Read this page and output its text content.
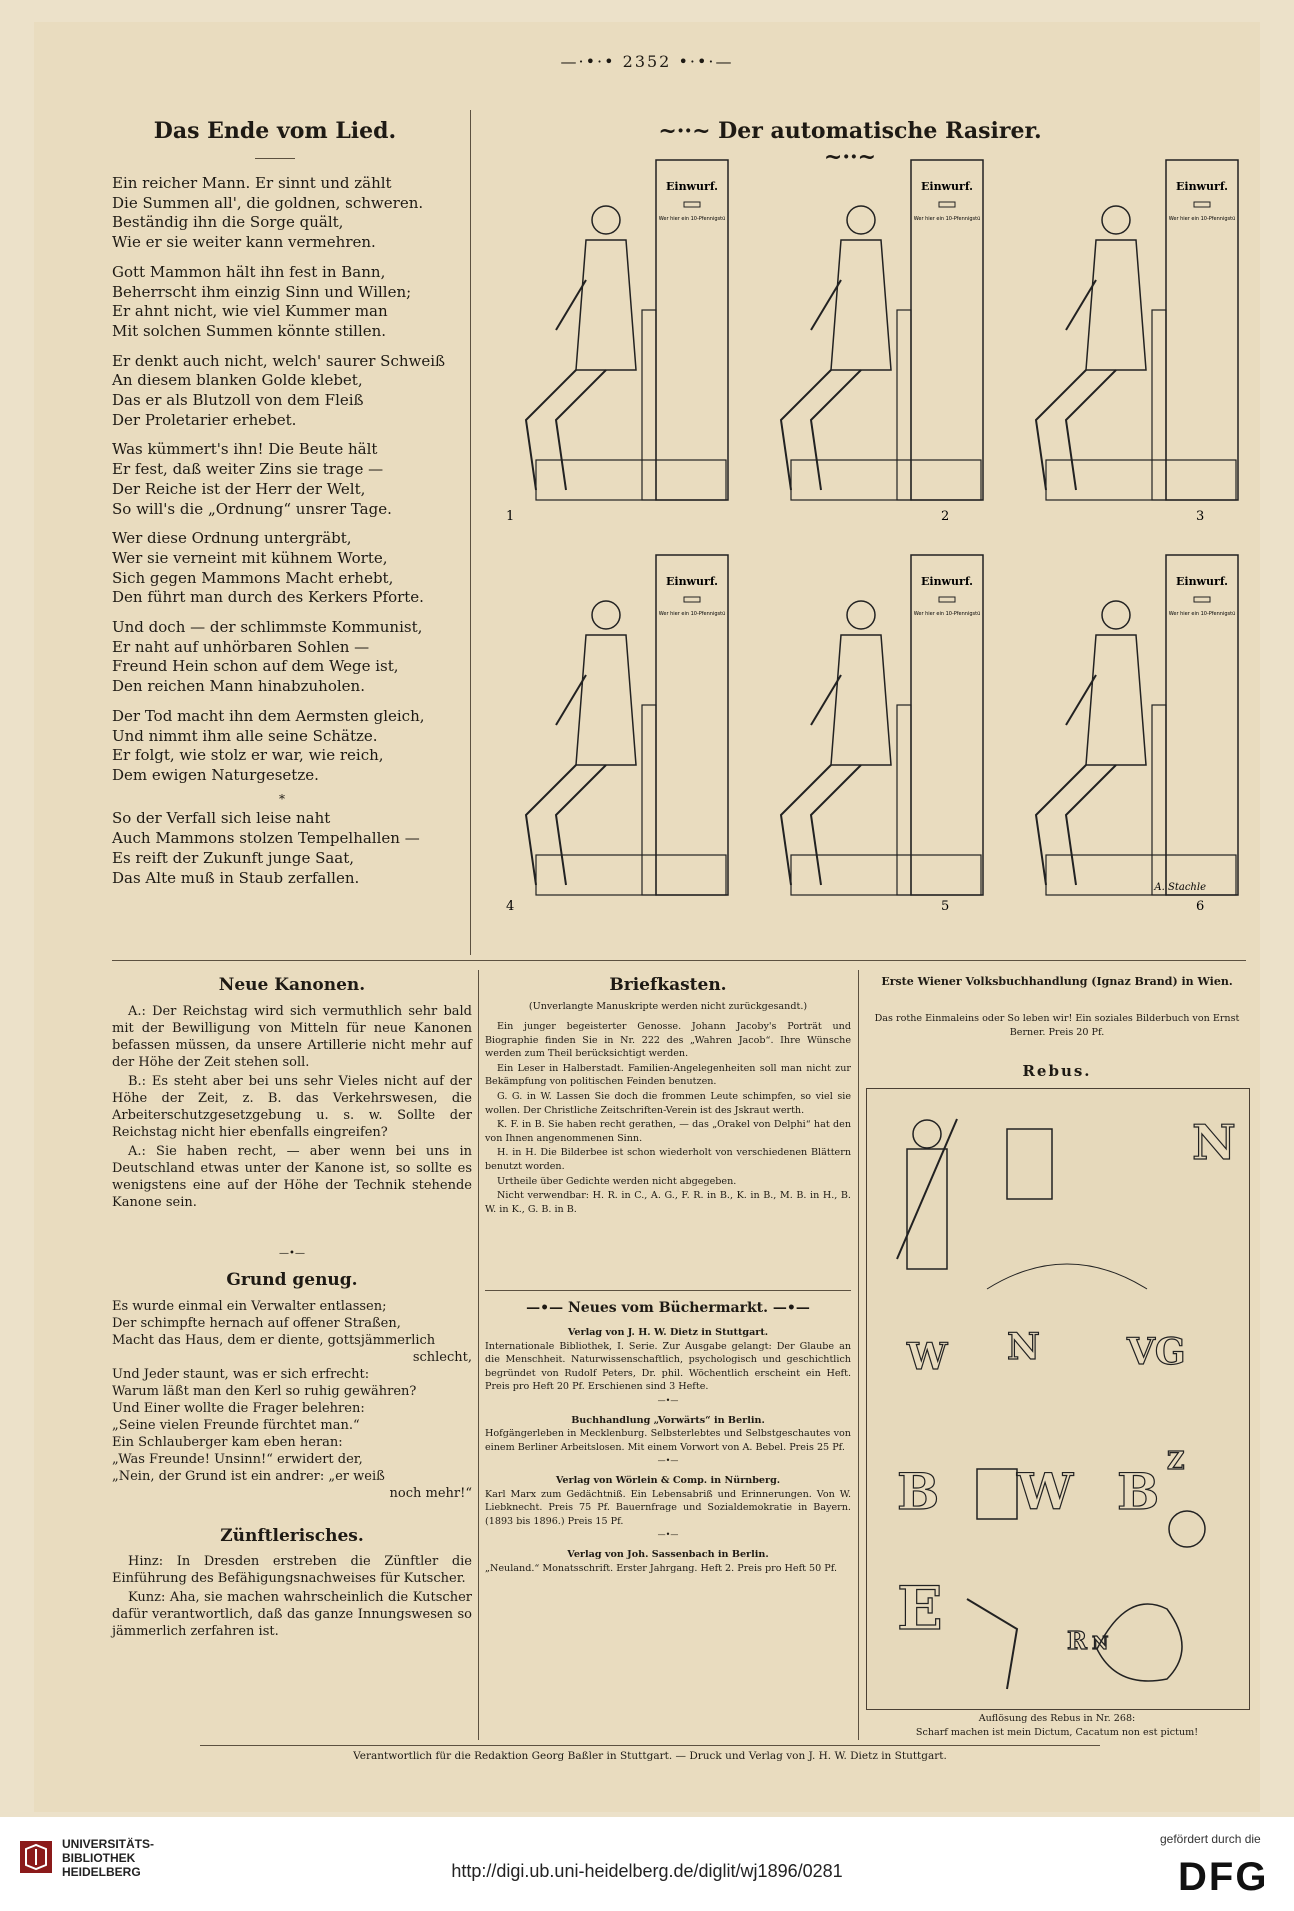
—·•·• 2352 •·•·—
Das Ende vom Lied.

Ein reicher Mann. Er sinnt und zählt
Die Summen all', die goldnen, schweren.
Beständig ihn die Sorge quält,
Wie er sie weiter kann vermehren.

Gott Mammon hält ihn fest in Bann,
Beherrscht ihm einzig Sinn und Willen;
Er ahnt nicht, wie viel Kummer man
Mit solchen Summen könnte stillen.

Er denkt auch nicht, welch' saurer Schweiß
An diesem blanken Golde klebet,
Das er als Blutzoll von dem Fleiß
Der Proletarier erhebet.

Was kümmert's ihn! Die Beute hält
Er fest, daß weiter Zins sie trage —
Der Reiche ist der Herr der Welt,
So will's die „Ordnung“ unsrer Tage.

Wer diese Ordnung untergräbt,
Wer sie verneint mit kühnem Worte,
Sich gegen Mammons Macht erhebt,
Den führt man durch des Kerkers Pforte.

Und doch — der schlimmste Kommunist,
Er naht auf unhörbaren Sohlen —
Freund Hein schon auf dem Wege ist,
Den reichen Mann hinabzuholen.

Der Tod macht ihn dem Aermsten gleich,
Und nimmt ihm alle seine Schätze.
Er folgt, wie stolz er war, wie reich,
Dem ewigen Naturgesetze.

*

So der Verfall sich leise naht
Auch Mammons stolzen Tempelhallen —
Es reift der Zukunft junge Saat,
Das Alte muß in Staub zerfallen.

~··~ Der automatische Rasirer. ~··~
Einwurf.
Wer hier ein 10-Pfennigstü
1
Einwurf.
Wer hier ein 10-Pfennigstü
2
Einwurf.
Wer hier ein 10-Pfennigstü
3
Einwurf.
Wer hier ein 10-Pfennigstü
4
Einwurf.
Wer hier ein 10-Pfennigstü
5
Einwurf.
Wer hier ein 10-Pfennigstü
6
A. Stachle
Neue Kanonen.

A.: Der Reichstag wird sich vermuthlich sehr bald mit der Bewilligung von Mitteln für neue Kanonen befassen müssen, da unsere Artillerie nicht mehr auf der Höhe der Zeit stehen soll.

B.: Es steht aber bei uns sehr Vieles nicht auf der Höhe der Zeit, z. B. das Verkehrswesen, die Arbeiterschutzgesetzgebung u. s. w. Sollte der Reichstag nicht hier ebenfalls eingreifen?

A.: Sie haben recht, — aber wenn bei uns in Deutschland etwas unter der Kanone ist, so sollte es wenigstens eine auf der Höhe der Technik stehende Kanone sein.

—•—
Grund genug.
Es wurde einmal ein Verwalter entlassen;
Der schimpfte hernach auf offener Straßen,
Macht das Haus, dem er diente, gottsjämmerlich
schlecht,
Und Jeder staunt, was er sich erfrecht:
Warum läßt man den Kerl so ruhig gewähren?
Und Einer wollte die Frager belehren:
„Seine vielen Freunde fürchtet man.“
Ein Schlauberger kam eben heran:
„Was Freunde! Unsinn!“ erwidert der,
„Nein, der Grund ist ein andrer: „er weiß
noch mehr!“
Zünftlerisches.

Hinz: In Dresden erstreben die Zünftler die Einführung des Befähigungsnachweises für Kutscher.

Kunz: Aha, sie machen wahrscheinlich die Kutscher dafür verantwortlich, daß das ganze Innungswesen so jämmerlich zerfahren ist.

Briefkasten.
(Unverlangte Manuskripte werden nicht zurückgesandt.)

Ein junger begeisterter Genosse. Johann Jacoby's Porträt und Biographie finden Sie in Nr. 222 des „Wahren Jacob“. Ihre Wünsche werden zum Theil berücksichtigt werden.

Ein Leser in Halberstadt. Familien-Angelegenheiten soll man nicht zur Bekämpfung von politischen Feinden benutzen.

G. G. in W. Lassen Sie doch die frommen Leute schimpfen, so viel sie wollen. Der Christliche Zeitschriften-Verein ist des Jskraut werth.

K. F. in B. Sie haben recht gerathen, — das „Orakel von Delphi“ hat den von Ihnen angenommenen Sinn.

H. in H. Die Bilderbee ist schon wiederholt von verschiedenen Blättern benutzt worden.

Urtheile über Gedichte werden nicht abgegeben.

Nicht verwendbar: H. R. in C., A. G., F. R. in B., K. in B., M. B. in H., B. W. in K., G. B. in B.

—•— Neues vom Büchermarkt. —•—
Verlag von J. H. W. Dietz in Stuttgart.
Internationale Bibliothek, I. Serie. Zur Ausgabe gelangt: Der Glaube an die Menschheit. Naturwissenschaftlich, psychologisch und geschichtlich begründet von Rudolf Peters, Dr. phil. Wöchentlich erscheint ein Heft. Preis pro Heft 20 Pf. Erschienen sind 3 Hefte.
—•—
Buchhandlung „Vorwärts“ in Berlin.
Hofgängerleben in Mecklenburg. Selbsterlebtes und Selbstgeschautes von einem Berliner Arbeitslosen. Mit einem Vorwort von A. Bebel. Preis 25 Pf.
—•—
Verlag von Wörlein & Comp. in Nürnberg.
Karl Marx zum Gedächtniß. Ein Lebensabriß und Erinnerungen. Von W. Liebknecht. Preis 75 Pf. Bauernfrage und Sozialdemokratie in Bayern. (1893 bis 1896.) Preis 15 Pf.
—•—
Verlag von Joh. Sassenbach in Berlin.
„Neuland.“ Monatsschrift. Erster Jahrgang. Heft 2. Preis pro Heft 50 Pf.
Erste Wiener Volksbuchhandlung (Ignaz Brand) in Wien.
Das rothe Einmaleins oder So leben wir! Ein soziales Bilderbuch von Ernst Berner. Preis 20 Pf.
Rebus.
N
W N VG
B W B
Z
E	N
R
Auflösung des Rebus in Nr. 268:
Scharf machen ist mein Dictum, Cacatum non est pictum!
Verantwortlich für die Redaktion Georg Baßler in Stuttgart. — Druck und Verlag von J. H. W. Dietz in Stuttgart.
UNIVERSITÄTS-
BIBLIOTHEK
HEIDELBERG	http://digi.ub.uni-heidelberg.de/diglit/wj1896/0281
gefördert durch die
DFG
